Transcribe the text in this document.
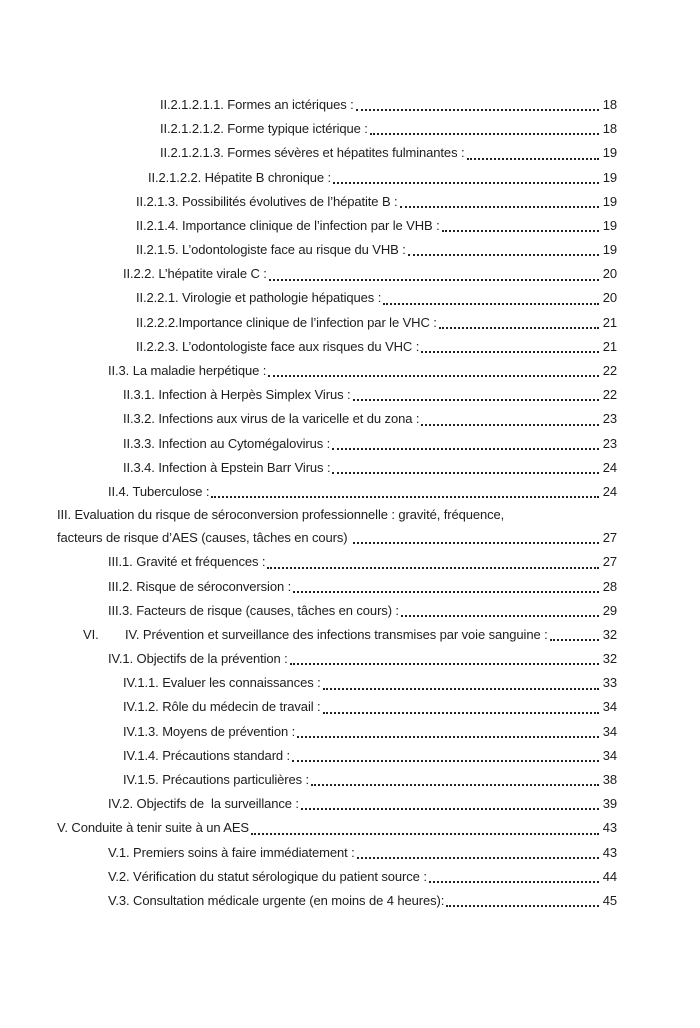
II.2.1.2.1.1. Formes an ictériques :	18
II.2.1.2.1.2. Forme typique ictérique :	18
II.2.1.2.1.3. Formes sévères et hépatites fulminantes :	19
II.2.1.2.2. Hépatite B chronique :	19
II.2.1.3. Possibilités évolutives de l’hépatite B :	19
II.2.1.4. Importance clinique de l’infection par le VHB :	19
II.2.1.5. L’odontologiste face au risque du VHB :	19
II.2.2. L’hépatite virale C :	20
II.2.2.1. Virologie et pathologie hépatiques :	20
II.2.2.2.Importance clinique de l’infection par le VHC :	21
II.2.2.3. L’odontologiste face aux risques du VHC :	21
II.3. La maladie herpétique :	22
II.3.1. Infection à Herpès Simplex Virus :	22
II.3.2. Infections aux virus de la varicelle et du zona :	23
II.3.3. Infection au Cytomégalovirus :	23
II.3.4. Infection à Epstein Barr Virus :	24
II.4. Tuberculose :	24
III. Evaluation du risque de séroconversion professionnelle : gravité, fréquence,
facteurs de risque d’AES (causes, tâches en cours)	27
III.1. Gravité et fréquences :	27
III.2. Risque de séroconversion :	28
III.3. Facteurs de risque (causes, tâches en cours) :	29
VI.	IV. Prévention et surveillance des infections transmises par voie sanguine :	32
IV.1. Objectifs de la prévention :	32
IV.1.1. Evaluer les connaissances :	33
IV.1.2. Rôle du médecin de travail :	34
IV.1.3. Moyens de prévention :	34
IV.1.4. Précautions standard :	34
IV.1.5. Précautions particulières :	38
IV.2. Objectifs de  la surveillance :	39
V. Conduite à tenir suite à un AES	43
V.1. Premiers soins à faire immédiatement :	43
V.2. Vérification du statut sérologique du patient source :	44
V.3. Consultation médicale urgente (en moins de 4 heures):	45
